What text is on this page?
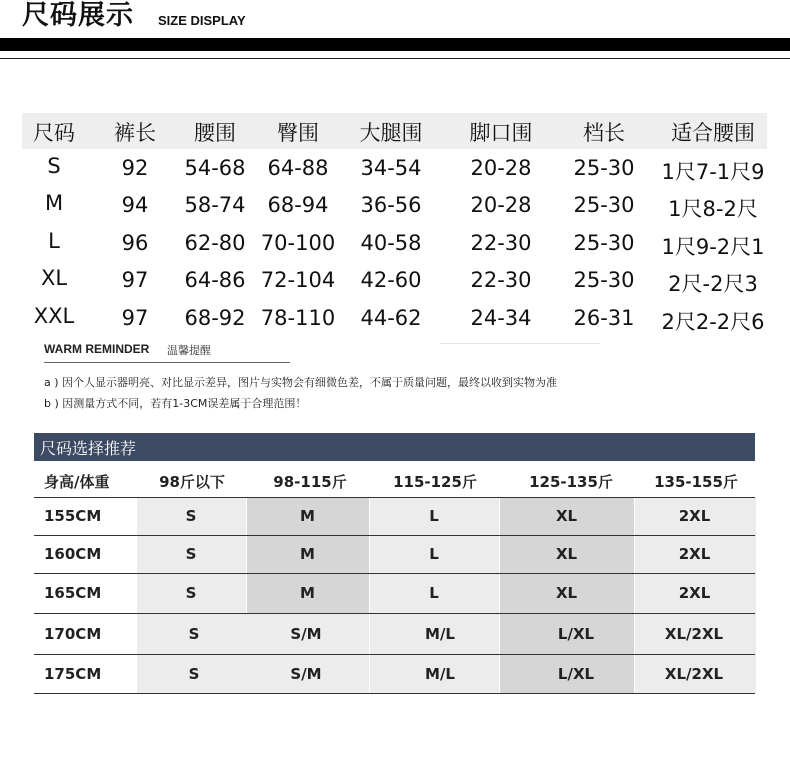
尺码展示 SIZE DISPLAY
尺码 裤长 腰围 臀围 大腿围 脚口围 档长 适合腰围
S	92 54-68 64-88 34-54 20-28 25-30 1尺7-1尺9
M	94 58-74 68-94 36-56 20-28 25-30 1尺8-2尺
L	96 62-80 70-100 40-58 22-30 25-30 1尺9-2尺1
XL	97 64-86 72-104 42-60 22-30 25-30 2尺-2尺3
XXL 97 68-92 78-110 44-62 24-34 26-31 2尺2-2尺6
WARM REMINDER 温馨提醒
a ) 因个人显示器明亮、对比显示差异，图片与实物会有细微色差，不属于质量问题，最终以收到实物为准
b ) 因测量方式不同，若有1-3CM误差属于合理范围！
尺码选择推荐
身高/体重	98斤以下	98-115斤	115-125斤	125-135斤	135-155斤
155CM	S	M	L	XL	2XL
160CM	S	M	L	XL	2XL
165CM	S	M	L	XL	2XL
170CM	S	S/M	M/L	L/XL	XL/2XL
175CM	S	S/M	M/L	L/XL	XL/2XL
